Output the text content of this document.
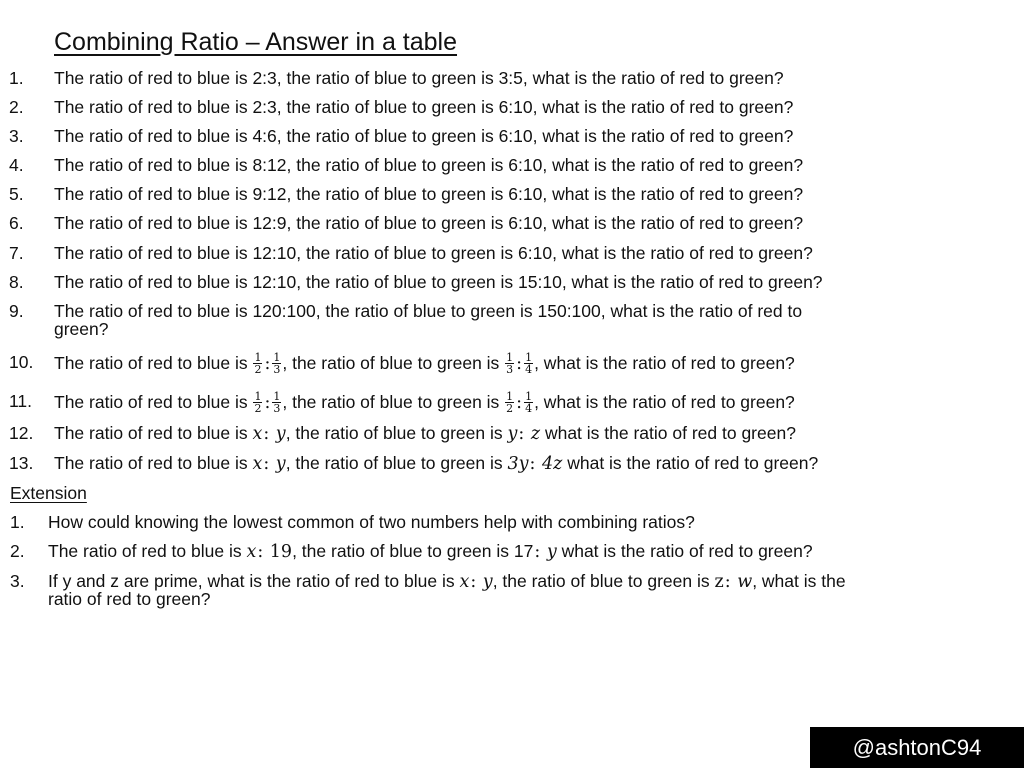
Combining Ratio – Answer in a table
1. The ratio of red to blue is 2:3, the ratio of blue to green is 3:5, what is the ratio of red to green?
2. The ratio of red to blue is 2:3, the ratio of blue to green is 6:10, what is the ratio of red to green?
3. The ratio of red to blue is 4:6, the ratio of blue to green is 6:10, what is the ratio of red to green?
4. The ratio of red to blue is 8:12, the ratio of blue to green is 6:10, what is the ratio of red to green?
5. The ratio of red to blue is 9:12, the ratio of blue to green is 6:10, what is the ratio of red to green?
6. The ratio of red to blue is 12:9, the ratio of blue to green is 6:10, what is the ratio of red to green?
7. The ratio of red to blue is 12:10, the ratio of blue to green is 6:10, what is the ratio of red to green?
8. The ratio of red to blue is 12:10, the ratio of blue to green is 15:10, what is the ratio of red to green?
9. The ratio of red to blue is 120:100, the ratio of blue to green is 150:100, what is the ratio of red to
green?
10. The ratio of red to blue is $\frac{1}{2}$ : $\frac{1}{3}$ , the ratio of blue to green is $\frac{1}{3}$ : $\frac{1}{4}$ , what is the ratio of red to green?
11. The ratio of red to blue is $\frac{1}{2}$ : $\frac{1}{3}$ , the ratio of blue to green is $\frac{1}{2}$ : $\frac{1}{4}$ , what is the ratio of red to green?
12. The ratio of red to blue is x: y, the ratio of blue to green is y: z what is the ratio of red to green?
13. The ratio of red to blue is x: y, the ratio of blue to green is 3y: 4z what is the ratio of red to green?
Extension
1. How could knowing the lowest common of two numbers help with combining ratios?
2. The ratio of red to blue is x: 19, the ratio of blue to green is 17: y what is the ratio of red to green?
3. If y and z are prime, what is the ratio of red to blue is x: y, the ratio of blue to green is z: w, what is the
ratio of red to green?
@ashtonC94
